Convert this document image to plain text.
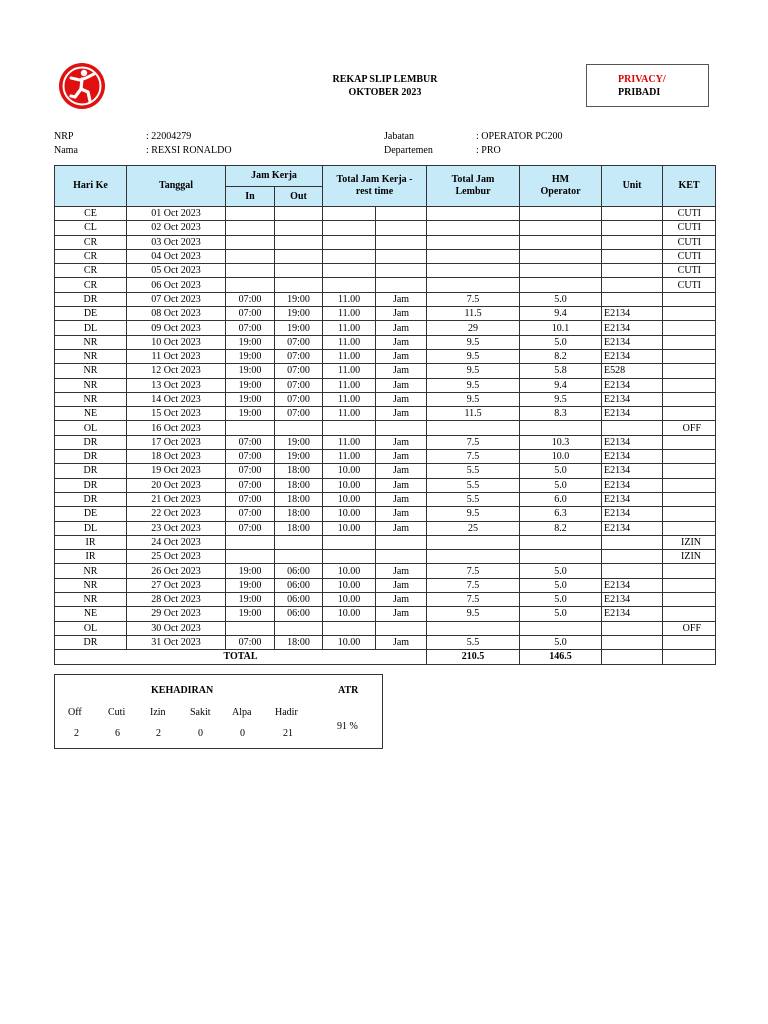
REKAP SLIP LEMBUR
OKTOBER 2023
PRIVACY/
PRIBADI
NRP	: 22004279
Nama	: REXSI RONALDO
Jabatan	: OPERATOR PC200
Departemen	: PRO
Hari Ke	Tanggal	Jam Kerja		Total Jam Kerja - rest time		Total Jam Lembur	HM Operator	Unit	KET
		In	Out						
CE	01 Oct 2023								CUTI
CL	02 Oct 2023								CUTI
CR	03 Oct 2023								CUTI
CR	04 Oct 2023								CUTI
CR	05 Oct 2023								CUTI
CR	06 Oct 2023								CUTI
DR	07 Oct 2023	07:00	19:00	11.00	Jam	7.5	5.0		
DE	08 Oct 2023	07:00	19:00	11.00	Jam	11.5	9.4	E2134	
DL	09 Oct 2023	07:00	19:00	11.00	Jam	29	10.1	E2134	
NR	10 Oct 2023	19:00	07:00	11.00	Jam	9.5	5.0	E2134	
NR	11 Oct 2023	19:00	07:00	11.00	Jam	9.5	8.2	E2134	
NR	12 Oct 2023	19:00	07:00	11.00	Jam	9.5	5.8	E528	
NR	13 Oct 2023	19:00	07:00	11.00	Jam	9.5	9.4	E2134	
NR	14 Oct 2023	19:00	07:00	11.00	Jam	9.5	9.5	E2134	
NE	15 Oct 2023	19:00	07:00	11.00	Jam	11.5	8.3	E2134	
OL	16 Oct 2023								OFF
DR	17 Oct 2023	07:00	19:00	11.00	Jam	7.5	10.3	E2134	
DR	18 Oct 2023	07:00	19:00	11.00	Jam	7.5	10.0	E2134	
DR	19 Oct 2023	07:00	18:00	10.00	Jam	5.5	5.0	E2134	
DR	20 Oct 2023	07:00	18:00	10.00	Jam	5.5	5.0	E2134	
DR	21 Oct 2023	07:00	18:00	10.00	Jam	5.5	6.0	E2134	
DE	22 Oct 2023	07:00	18:00	10.00	Jam	9.5	6.3	E2134	
DL	23 Oct 2023	07:00	18:00	10.00	Jam	25	8.2	E2134	
IR	24 Oct 2023								IZIN
IR	25 Oct 2023								IZIN
NR	26 Oct 2023	19:00	06:00	10.00	Jam	7.5	5.0		
NR	27 Oct 2023	19:00	06:00	10.00	Jam	7.5	5.0	E2134	
NR	28 Oct 2023	19:00	06:00	10.00	Jam	7.5	5.0	E2134	
NE	29 Oct 2023	19:00	06:00	10.00	Jam	9.5	5.0	E2134	
OL	30 Oct 2023								OFF
DR	31 Oct 2023	07:00	18:00	10.00	Jam	5.5	5.0		
TOTAL						210.5	146.5		
KEHADIRAN	ATR
Off	Cuti Izin Sakit Alpa Hadir
2	6	2	0	0	21
91 %
